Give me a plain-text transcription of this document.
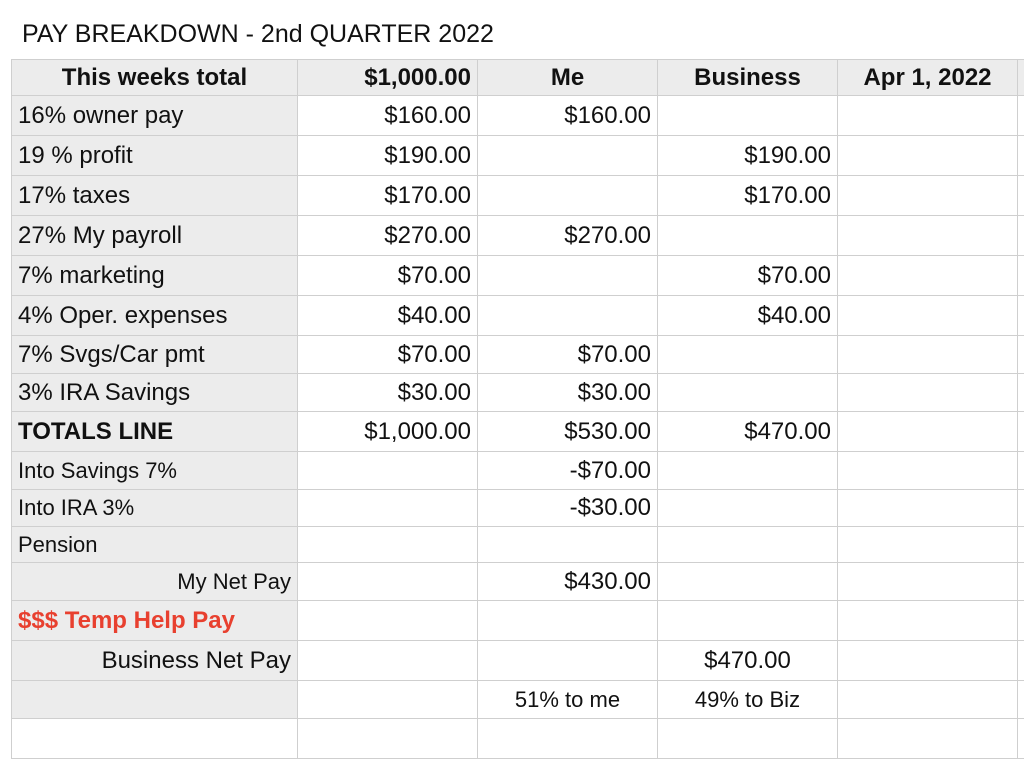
PAY BREAKDOWN - 2nd QUARTER 2022
This weeks total	$1,000.00	Me	Business	Apr 1, 2022	
16% owner pay	$160.00	$160.00			
19 % profit	$190.00		$190.00		
17% taxes	$170.00		$170.00		
27% My payroll	$270.00	$270.00			
7% marketing	$70.00		$70.00		
4% Oper. expenses	$40.00		$40.00		
7% Svgs/Car pmt	$70.00	$70.00			
3% IRA Savings	$30.00	$30.00			
TOTALS LINE	$1,000.00	$530.00	$470.00		
Into Savings 7%		-$70.00			
Into IRA 3%		-$30.00			
Pension					
My Net Pay		$430.00			
$$$ Temp Help Pay					
Business Net Pay			$470.00		
		51% to me	49% to Biz		
